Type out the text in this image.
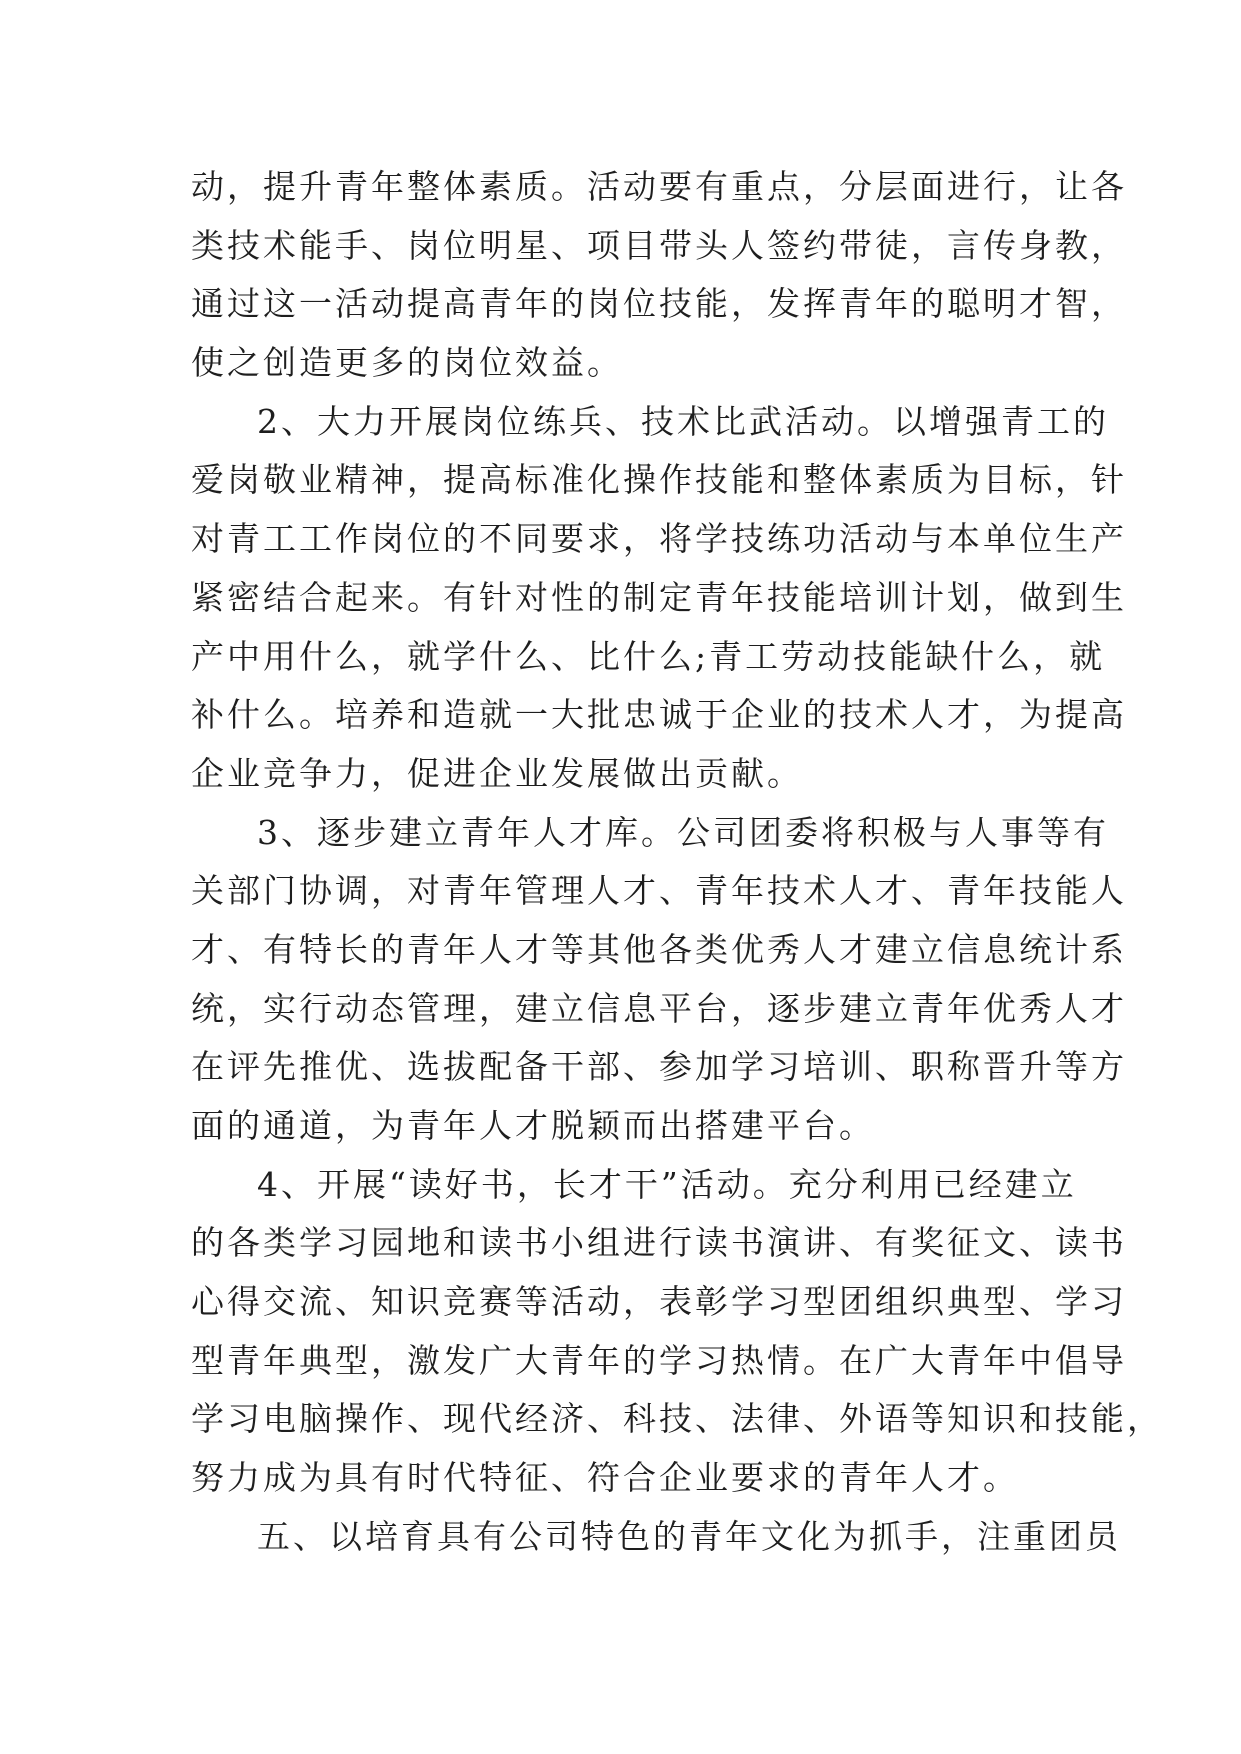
动，提升青年整体素质。活动要有重点，分层面进行，让各
类技术能手、岗位明星、项目带头人签约带徒，言传身教，
通过这一活动提高青年的岗位技能，发挥青年的聪明才智，
使之创造更多的岗位效益。
2、大力开展岗位练兵、技术比武活动。以增强青工的
爱岗敬业精神，提高标准化操作技能和整体素质为目标，针
对青工工作岗位的不同要求，将学技练功活动与本单位生产
紧密结合起来。有针对性的制定青年技能培训计划，做到生
产中用什么，就学什么、比什么;青工劳动技能缺什么，就
补什么。培养和造就一大批忠诚于企业的技术人才，为提高
企业竞争力，促进企业发展做出贡献。
3、逐步建立青年人才库。公司团委将积极与人事等有
关部门协调，对青年管理人才、青年技术人才、青年技能人
才、有特长的青年人才等其他各类优秀人才建立信息统计系
统，实行动态管理，建立信息平台，逐步建立青年优秀人才
在评先推优、选拔配备干部、参加学习培训、职称晋升等方
面的通道，为青年人才脱颖而出搭建平台。
4、开展“读好书，长才干”活动。充分利用已经建立
的各类学习园地和读书小组进行读书演讲、有奖征文、读书
心得交流、知识竞赛等活动，表彰学习型团组织典型、学习
型青年典型，激发广大青年的学习热情。在广大青年中倡导
学习电脑操作、现代经济、科技、法律、外语等知识和技能，
努力成为具有时代特征、符合企业要求的青年人才。
五、以培育具有公司特色的青年文化为抓手，注重团员
